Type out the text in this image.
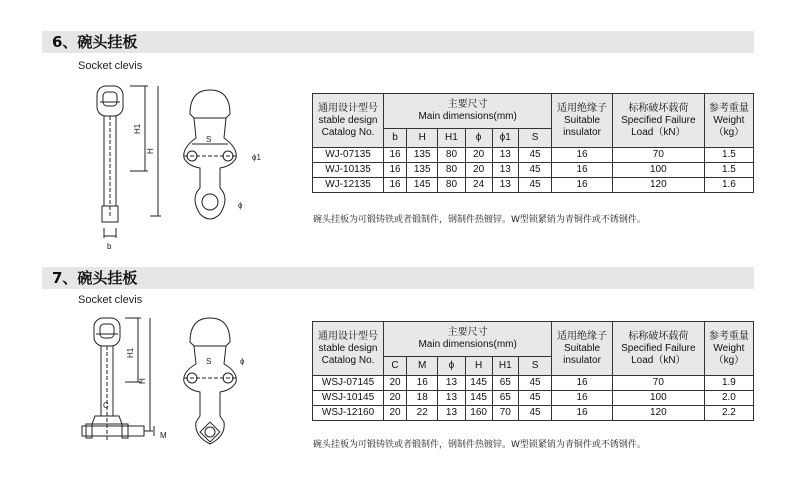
6、碗头挂板
Socket clevis
H1
H
S
ϕ1
ϕ
b
通用设计型号
stable design
Catalog No.	主要尺寸
Main dimensions(mm)						适用绝缘子
Suitable
insulator	标称破坏载荷
Specified Failure
Load（kN）	参考重量
Weight
（kg）
	b	H	H1	ϕ	ϕ1	S			
WJ-07135	16	135	80	20	13	45	16	70	1.5
WJ-10135	16	135	80	20	13	45	16	100	1.5
WJ-12135	16	145	80	24	13	45	16	120	1.6
碗头挂板为可锻铸铁或者锻制件，钢制件热镀锌。W型锁紧销为青铜件或不锈钢件。
7、碗头挂板
Socket clevis
H1
H
C
M
S	ϕ
通用设计型号
stable design
Catalog No.	主要尺寸
Main dimensions(mm)						适用绝缘子
Suitable
insulator	标称破坏载荷
Specified Failure
Load（kN）	参考重量
Weight
（kg）
	C	M	ϕ	H	H1	S			
WSJ-07145	20	16	13	145	65	45	16	70	1.9
WSJ-10145	20	18	13	145	65	45	16	100	2.0
WSJ-12160	20	22	13	160	70	45	16	120	2.2
碗头挂板为可锻铸铁或者锻制件，钢制件热镀锌。W型锁紧销为青铜件或不锈钢件。
